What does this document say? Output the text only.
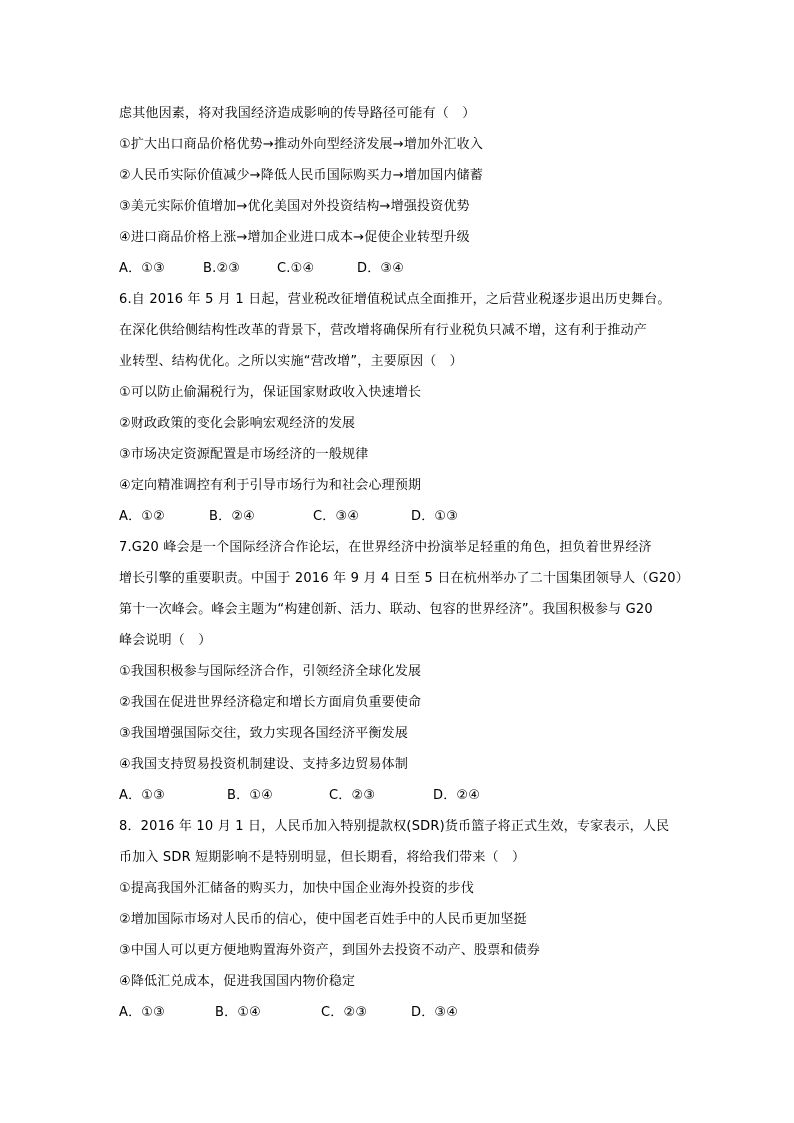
虑其他因素，将对我国经济造成影响的传导路径可能有（　）
①扩大出口商品价格优势→推动外向型经济发展→增加外汇收入
②人民币实际价值减少→降低人民币国际购买力→增加国内储蓄
③美元实际价值增加→优化美国对外投资结构→增强投资优势
④进口商品价格上涨→增加企业进口成本→促使企业转型升级
A．①③	B.②③	C.①④	D．③④
6.自 2016 年 5 月 1 日起，营业税改征增值税试点全面推开，之后营业税逐步退出历史舞台。
在深化供给侧结构性改革的背景下，营改增将确保所有行业税负只减不增，这有利于推动产
业转型、结构优化。之所以实施“营改增”，主要原因（　）
①可以防止偷漏税行为，保证国家财政收入快速增长
②财政政策的变化会影响宏观经济的发展
③市场决定资源配置是市场经济的一般规律
④定向精准调控有利于引导市场行为和社会心理预期
A．①②	B．②④	C．③④	D．①③
7.G20 峰会是一个国际经济合作论坛，在世界经济中扮演举足轻重的角色，担负着世界经济
增长引擎的重要职责。中国于 2016 年 9 月 4 日至 5 日在杭州举办了二十国集团领导人（G20）
第十一次峰会。峰会主题为“构建创新、活力、联动、包容的世界经济”。我国积极参与 G20
峰会说明（　）
①我国积极参与国际经济合作，引领经济全球化发展
②我国在促进世界经济稳定和增长方面肩负重要使命
③我国增强国际交往，致力实现各国经济平衡发展
④我国支持贸易投资机制建设、支持多边贸易体制
A．①③	B．①④	C．②③	D．②④
8．2016 年 10 月 1 日，人民币加入特别提款权(SDR)货币篮子将正式生效，专家表示，人民
币加入 SDR 短期影响不是特别明显，但长期看，将给我们带来（　）
①提高我国外汇储备的购买力，加快中国企业海外投资的步伐
②增加国际市场对人民币的信心，使中国老百姓手中的人民币更加坚挺
③中国人可以更方便地购置海外资产，到国外去投资不动产、股票和债券
④降低汇兑成本，促进我国国内物价稳定
A．①③	B．①④	C．②③	D．③④
